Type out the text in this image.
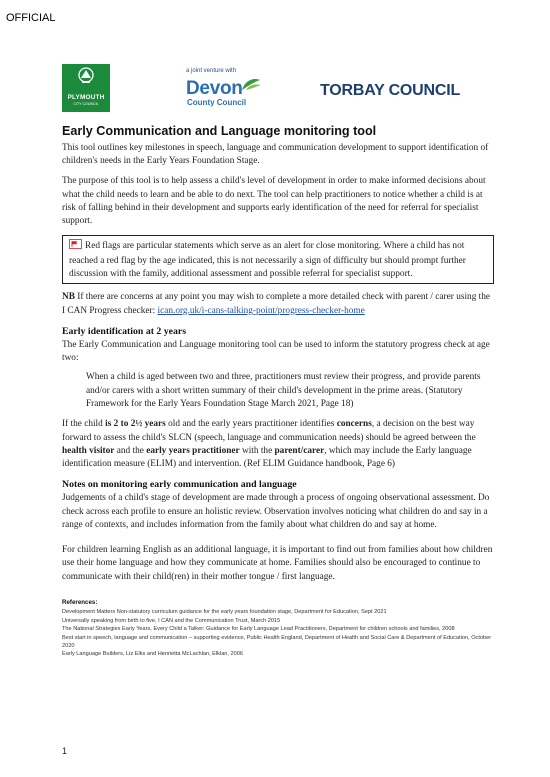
OFFICIAL
PLYMOUTH
CITY COUNCIL
a joint venture with
Devon
County Council
TORBAY COUNCIL
Early Communication and Language monitoring tool

This tool outlines key milestones in speech, language and communication development to support identification of children's needs in the Early Years Foundation Stage.

The purpose of this tool is to help assess a child's level of development in order to make informed decisions about what the child needs to learn and be able to do next. The tool can help practitioners to notice whether a child is at risk of falling behind in their development and supports early identification of the need for referral for specialist support.

Red flags are particular statements which serve as an alert for close monitoring. Where a child has not reached a red flag by the age indicated, this is not necessarily a sign of difficulty but should prompt further discussion with the family, additional assessment and possible referral for specialist support.

NB If there are concerns at any point you may wish to complete a more detailed check with parent / carer using the I CAN Progress checker: ican.org.uk/i-cans-talking-point/progress-checker-home

Early identification at 2 years

The Early Communication and Language monitoring tool can be used to inform the statutory progress check at age two:

When a child is aged between two and three, practitioners must review their progress, and provide parents and/or carers with a short written summary of their child's development in the prime areas. (Statutory Framework for the Early Years Foundation Stage March 2021, Page 18)

If the child is 2 to 2½ years old and the early years practitioner identifies concerns, a decision on the best way forward to assess the child's SLCN (speech, language and communication needs) should be agreed between the health visitor and the early years practitioner with the parent/carer, which may include the Early language identification measure (ELIM) and intervention. (Ref ELIM Guidance handbook, Page 6)

Notes on monitoring early communication and language

Judgements of a child's stage of development are made through a process of ongoing observational assessment. Do check across each profile to ensure an holistic review. Observation involves noticing what children do and say in a range of contexts, and includes information from the family about what children do and say at home.

For children learning English as an additional language, it is important to find out from families about how children use their home language and how they communicate at home. Families should also be encouraged to continue to communicate with their child(ren) in their mother tongue / first language.

References:
Development Matters Non-statutory curriculum guidance for the early years foundation stage, Department for Education, Sept 2021
Universally speaking from birth to five, I CAN and the Communication Trust, March 2015
The National Strategies Early Years, Every Child a Talker: Guidance for Early Language Lead Practitioners, Department for children schools and families, 2008
Best start in speech, language and communication – supporting evidence, Public Health England, Department of Health and Social Care & Department of Education, October 2020
Early Language Builders, Liz Elks and Henrietta McLachlan, Elklan, 2006
1
